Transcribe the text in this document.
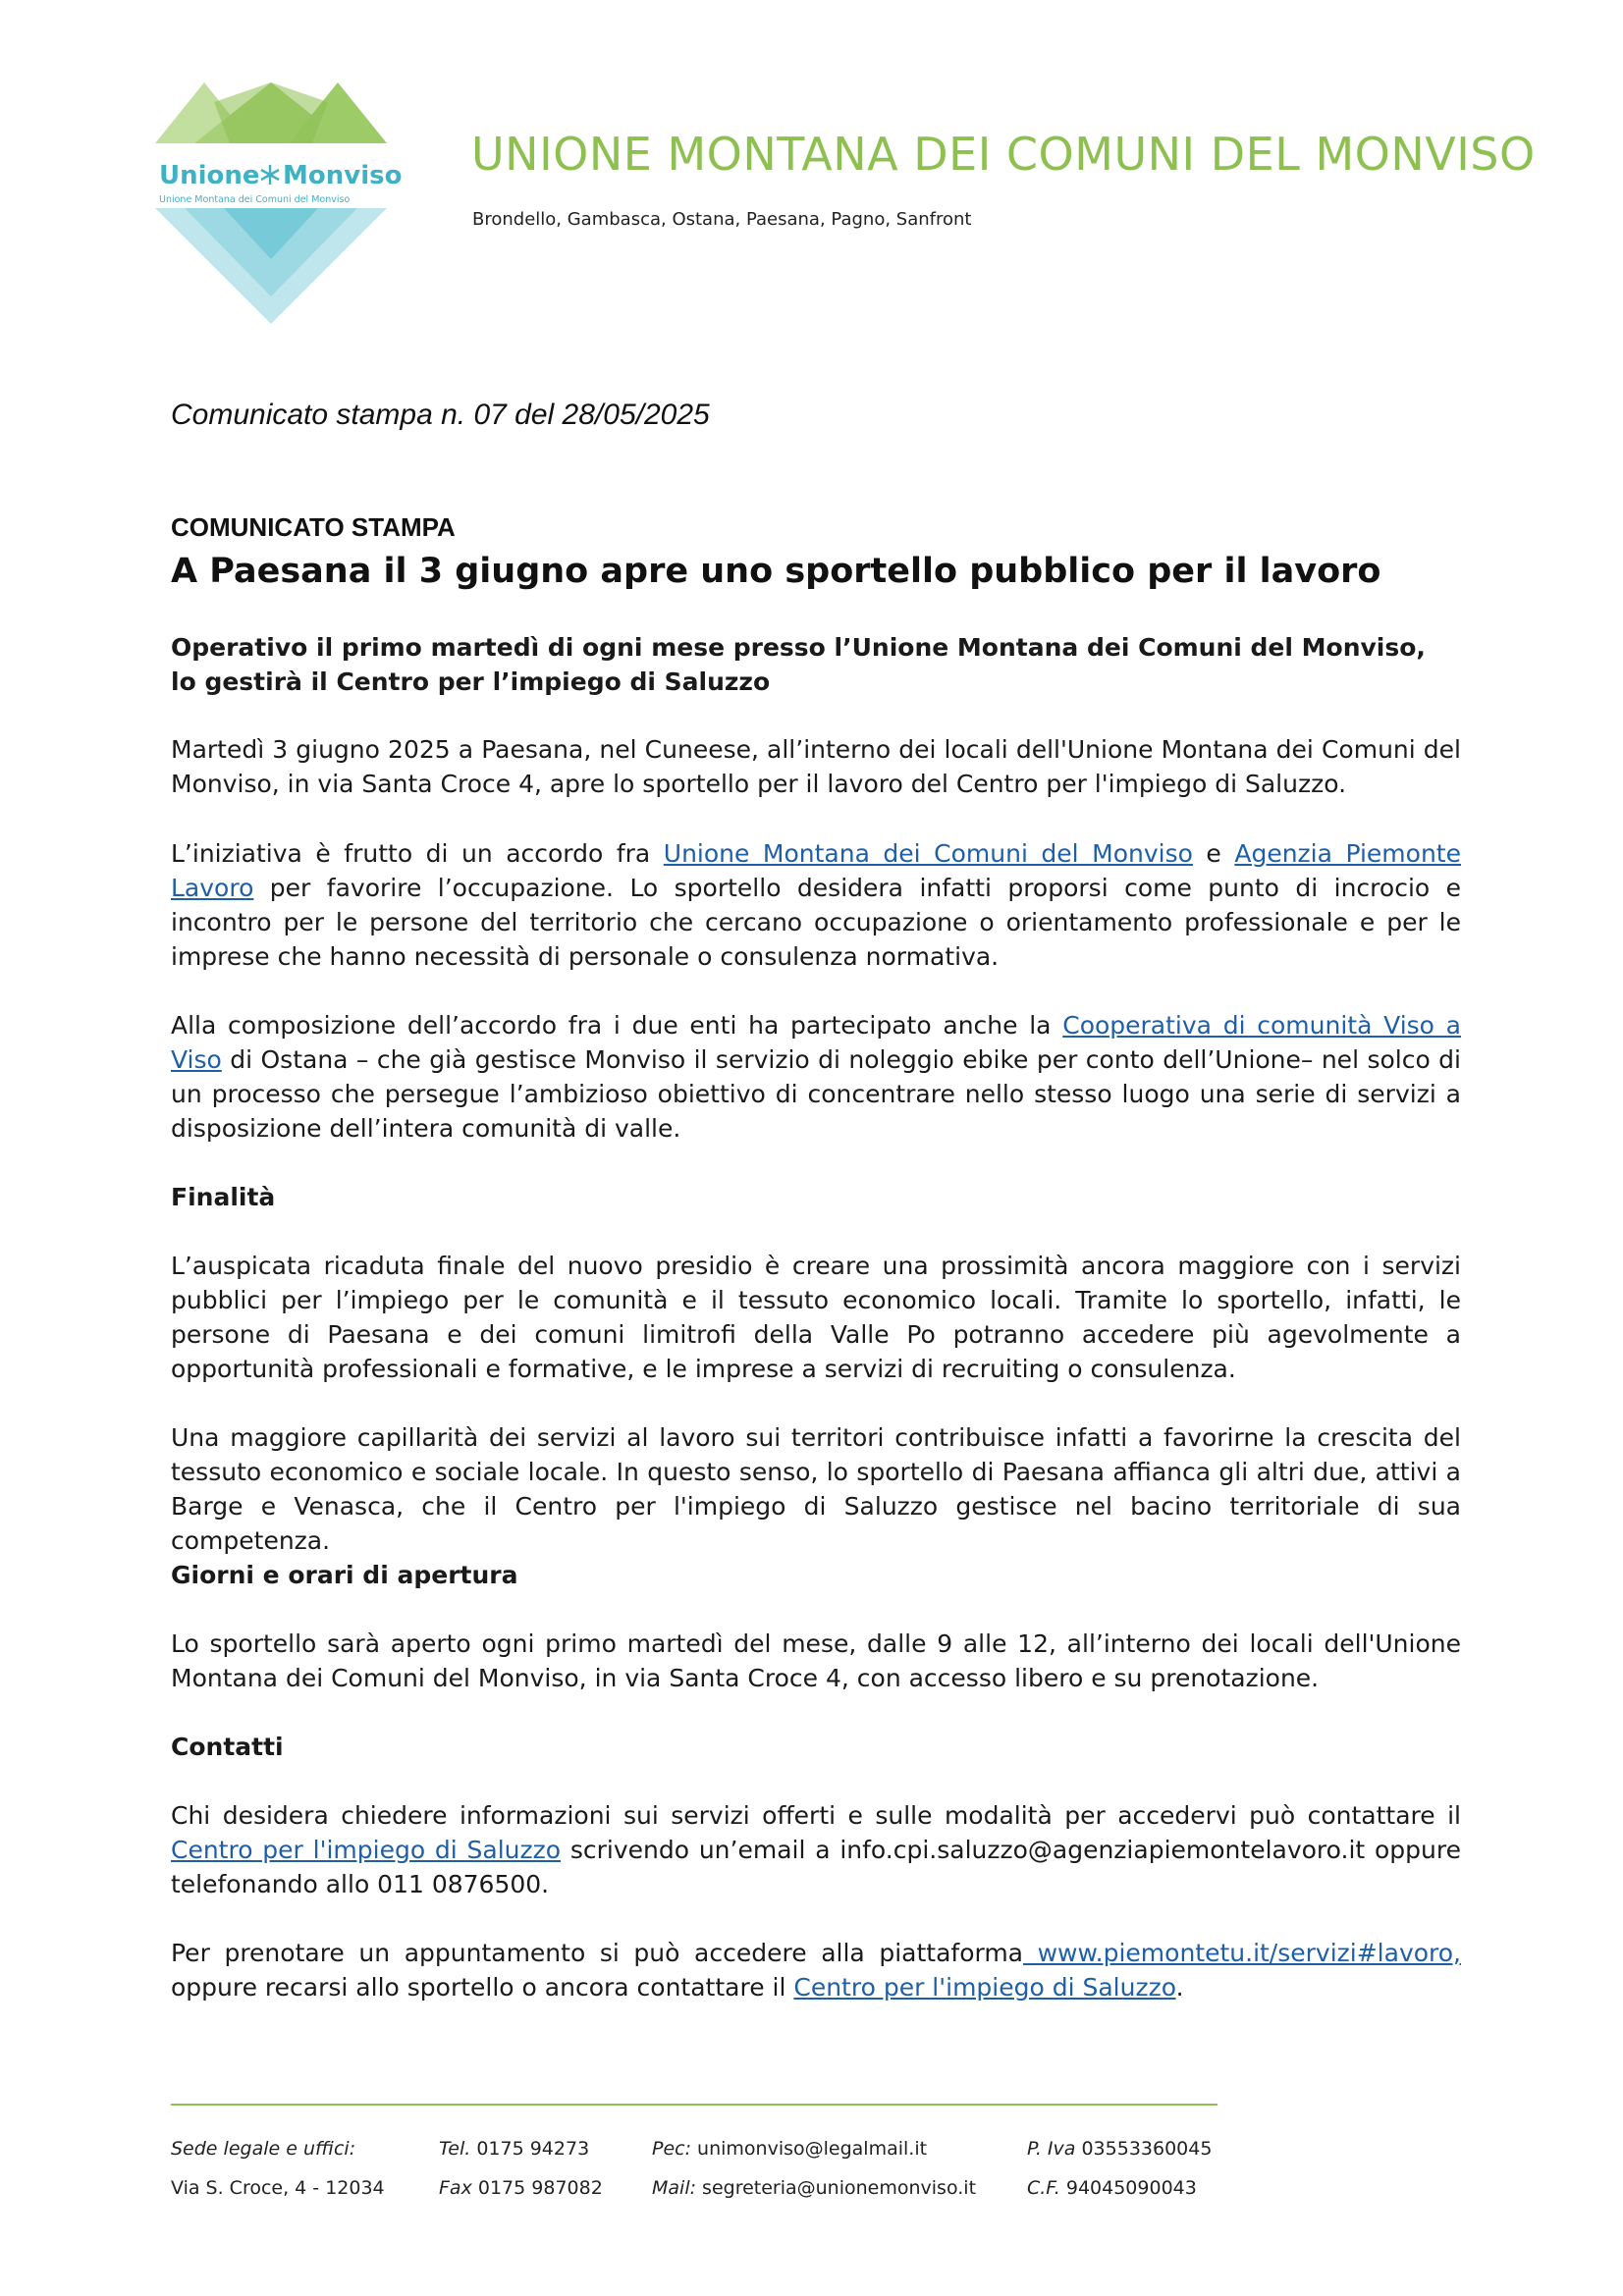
Unione Monviso
Unione Montana dei Comuni del Monviso
UNIONE MONTANA DEI COMUNI DEL MONVISO
Brondello, Gambasca, Ostana, Paesana, Pagno, Sanfront
Comunicato stampa n. 07 del 28/05/2025
COMUNICATO STAMPA
A Paesana il 3 giugno apre uno sportello pubblico per il lavoro
Operativo il primo martedì di ogni mese presso l’Unione Montana dei Comuni del Monviso,
lo gestirà il Centro per l’impiego di Saluzzo

Martedì 3 giugno 2025 a Paesana, nel Cuneese, all’interno dei locali dell'Unione Montana dei Comuni del Monviso, in via Santa Croce 4, apre lo sportello per il lavoro del Centro per l'impiego di Saluzzo.

L’iniziativa è frutto di un accordo fra Unione Montana dei Comuni del Monviso e Agenzia Piemonte Lavoro per favorire l’occupazione. Lo sportello desidera infatti proporsi come punto di incrocio e incontro per le persone del territorio che cercano occupazione o orientamento professionale e per le imprese che hanno necessità di personale o consulenza normativa.

Alla composizione dell’accordo fra i due enti ha partecipato anche la Cooperativa di comunità Viso a Viso di Ostana – che già gestisce Monviso il servizio di noleggio ebike per conto dell’Unione– nel solco di un processo che persegue l’ambizioso obiettivo di concentrare nello stesso luogo una serie di servizi a disposizione dell’intera comunità di valle.

Finalità

L’auspicata ricaduta finale del nuovo presidio è creare una prossimità ancora maggiore con i servizi pubblici per l’impiego per le comunità e il tessuto economico locali. Tramite lo sportello, infatti, le persone di Paesana e dei comuni limitrofi della Valle Po potranno accedere più agevolmente a opportunità professionali e formative, e le imprese a servizi di recruiting o consulenza.

Una maggiore capillarità dei servizi al lavoro sui territori contribuisce infatti a favorirne la crescita del tessuto economico e sociale locale. In questo senso, lo sportello di Paesana affianca gli altri due, attivi a Barge e Venasca, che il Centro per l'impiego di Saluzzo gestisce nel bacino territoriale di sua competenza.

Giorni e orari di apertura

Lo sportello sarà aperto ogni primo martedì del mese, dalle 9 alle 12, all’interno dei locali dell'Unione Montana dei Comuni del Monviso, in via Santa Croce 4, con accesso libero e su prenotazione.

Contatti

Chi desidera chiedere informazioni sui servizi offerti e sulle modalità per accedervi può contattare il Centro per l'impiego di Saluzzo scrivendo un’email a info.cpi.saluzzo@agenziapiemontelavoro.it oppure telefonando allo 011 0876500.

Per prenotare un appuntamento si può accedere alla piattaforma www.piemontetu.it/servizi#lavoro, oppure recarsi allo sportello o ancora contattare il Centro per l'impiego di Saluzzo.

Sede legale e uffici:
Via S. Croce, 4 - 12034
Tel. 0175 94273
Fax 0175 987082
Pec: unimonviso@legalmail.it
Mail: segreteria@unionemonviso.it
P. Iva 03553360045
C.F. 94045090043
